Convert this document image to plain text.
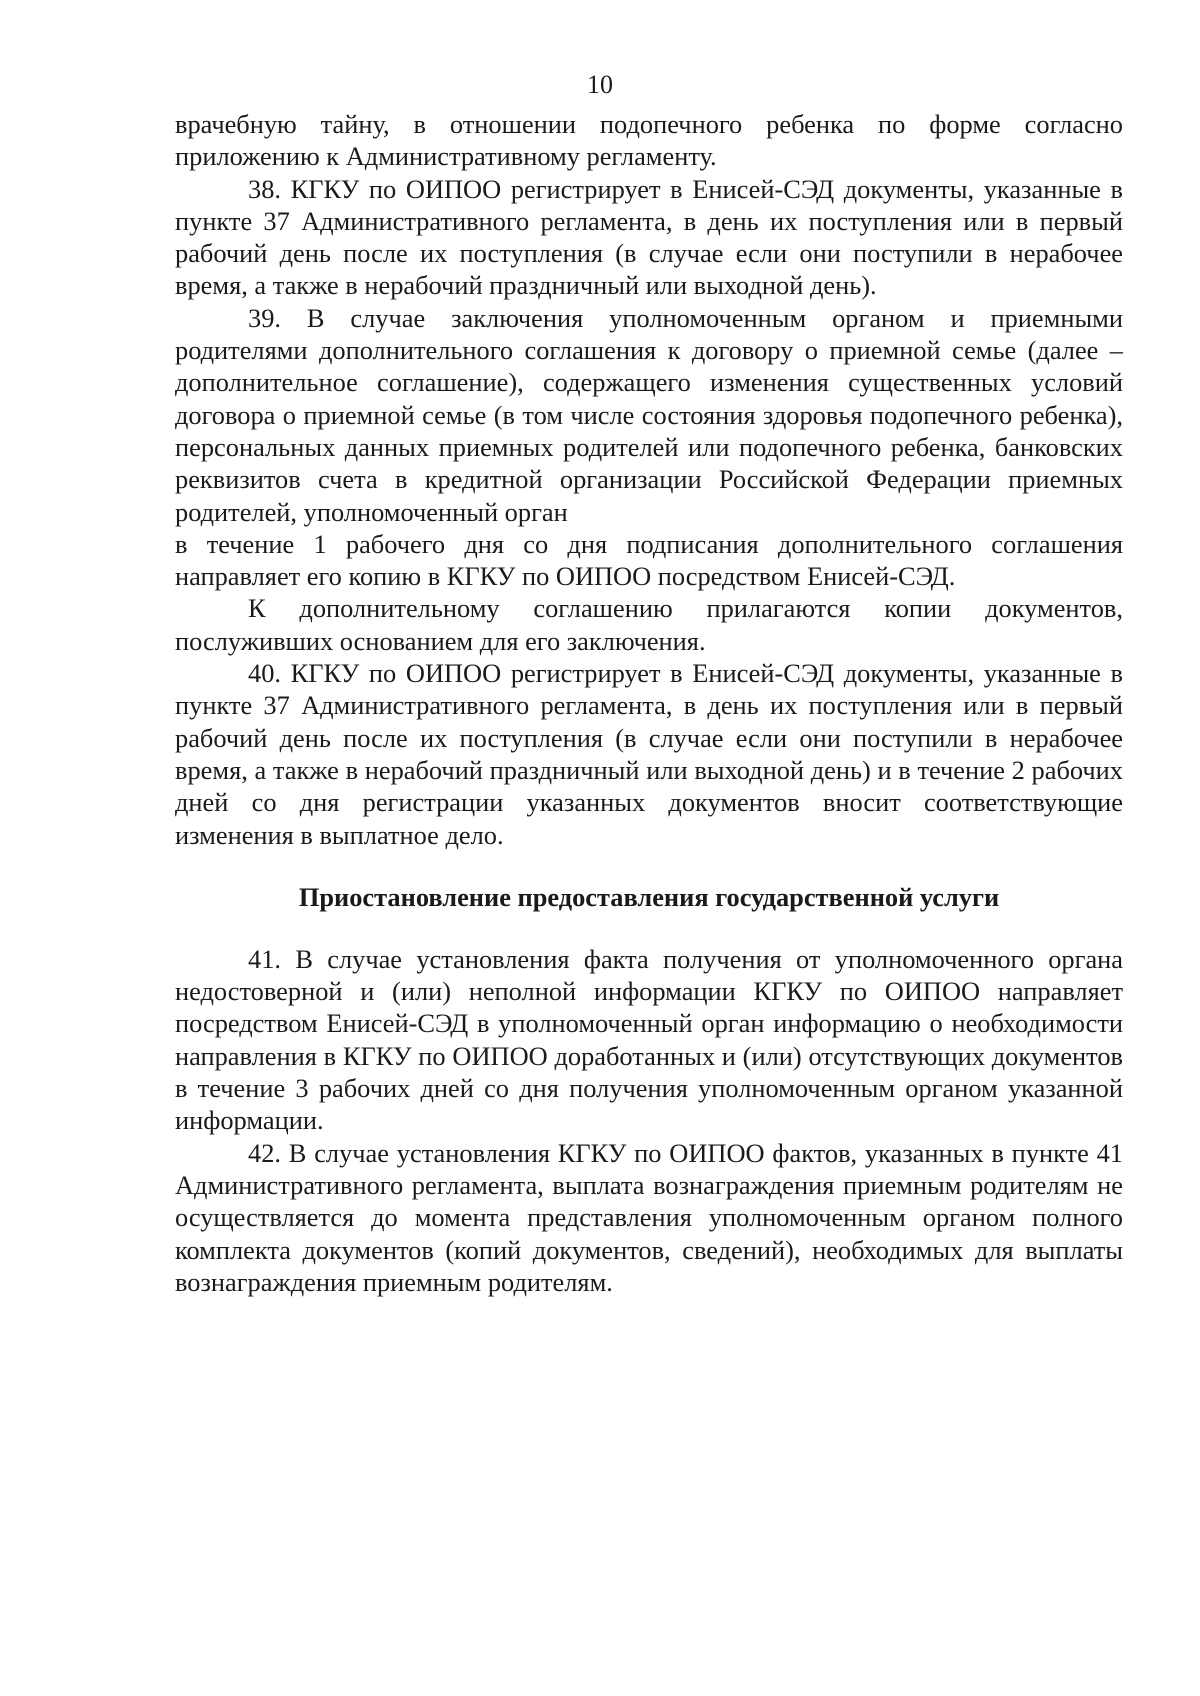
10

врачебную тайну, в отношении подопечного ребенка по форме согласно приложению к Административному регламенту.

38. КГКУ по ОИПОО регистрирует в Енисей-СЭД документы, указанные в пункте 37 Административного регламента, в день их поступления или в первый рабочий день после их поступления (в случае если они поступили в нерабочее время, а также в нерабочий праздничный или выходной день).

39. В случае заключения уполномоченным органом и приемными родителями дополнительного соглашения к договору о приемной семье (далее – дополнительное соглашение), содержащего изменения существенных условий договора о приемной семье (в том числе состояния здоровья подопечного ребенка), персональных данных приемных родителей или подопечного ребенка, банковских реквизитов счета в кредитной организации Российской Федерации приемных родителей, уполномоченный орган

в течение 1 рабочего дня со дня подписания дополнительного соглашения направляет его копию в КГКУ по ОИПОО посредством Енисей-СЭД.

К дополнительному соглашению прилагаются копии документов, послуживших основанием для его заключения.

40. КГКУ по ОИПОО регистрирует в Енисей-СЭД документы, указанные в пункте 37 Административного регламента, в день их поступления или в первый рабочий день после их поступления (в случае если они поступили в нерабочее время, а также в нерабочий праздничный или выходной день) и в течение 2 рабочих дней со дня регистрации указанных документов вносит соответствующие изменения в выплатное дело.

Приостановление предоставления государственной услуги

41. В случае установления факта получения от уполномоченного органа недостоверной и (или) неполной информации КГКУ по ОИПОО направляет посредством Енисей-СЭД в уполномоченный орган информацию о необходимости направления в КГКУ по ОИПОО доработанных и (или) отсутствующих документов в течение 3 рабочих дней со дня получения уполномоченным органом указанной информации.

42. В случае установления КГКУ по ОИПОО фактов, указанных в пункте 41 Административного регламента, выплата вознаграждения приемным родителям не осуществляется до момента представления уполномоченным органом полного комплекта документов (копий документов, сведений), необходимых для выплаты вознаграждения приемным родителям.
